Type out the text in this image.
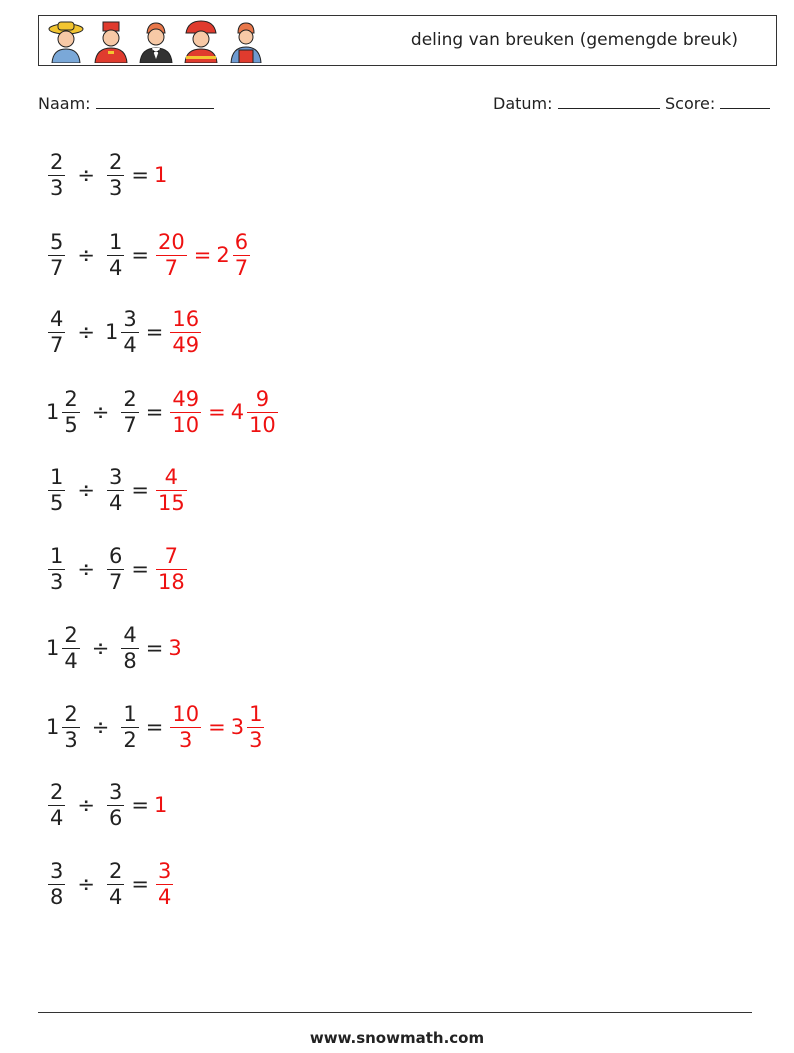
deling van breuken (gemengde breuk)
Naam:	Datum:	Score:
$\frac{2}{3} \div \frac{2}{3} = 1$
$\frac{5}{7} \div \frac{1}{4} = \frac{20}{7} = 2 \frac{6}{7}$
$\frac{4}{7} \div 1 \frac{3}{4} = \frac{16}{49}$
$1 \frac{2}{5} \div \frac{2}{7} = \frac{49}{10} = 4 \frac{9}{10}$
$\frac{1}{5} \div \frac{3}{4} = \frac{4}{15}$
$\frac{1}{3} \div \frac{6}{7} = \frac{7}{18}$
$1 \frac{2}{4} \div \frac{4}{8} = 3$
$1 \frac{2}{3} \div \frac{1}{2} = \frac{10}{3} = 3 \frac{1}{3}$
$\frac{2}{4} \div \frac{3}{6} = 1$
$\frac{3}{8} \div \frac{2}{4} = \frac{3}{4}$
www.snowmath.com
